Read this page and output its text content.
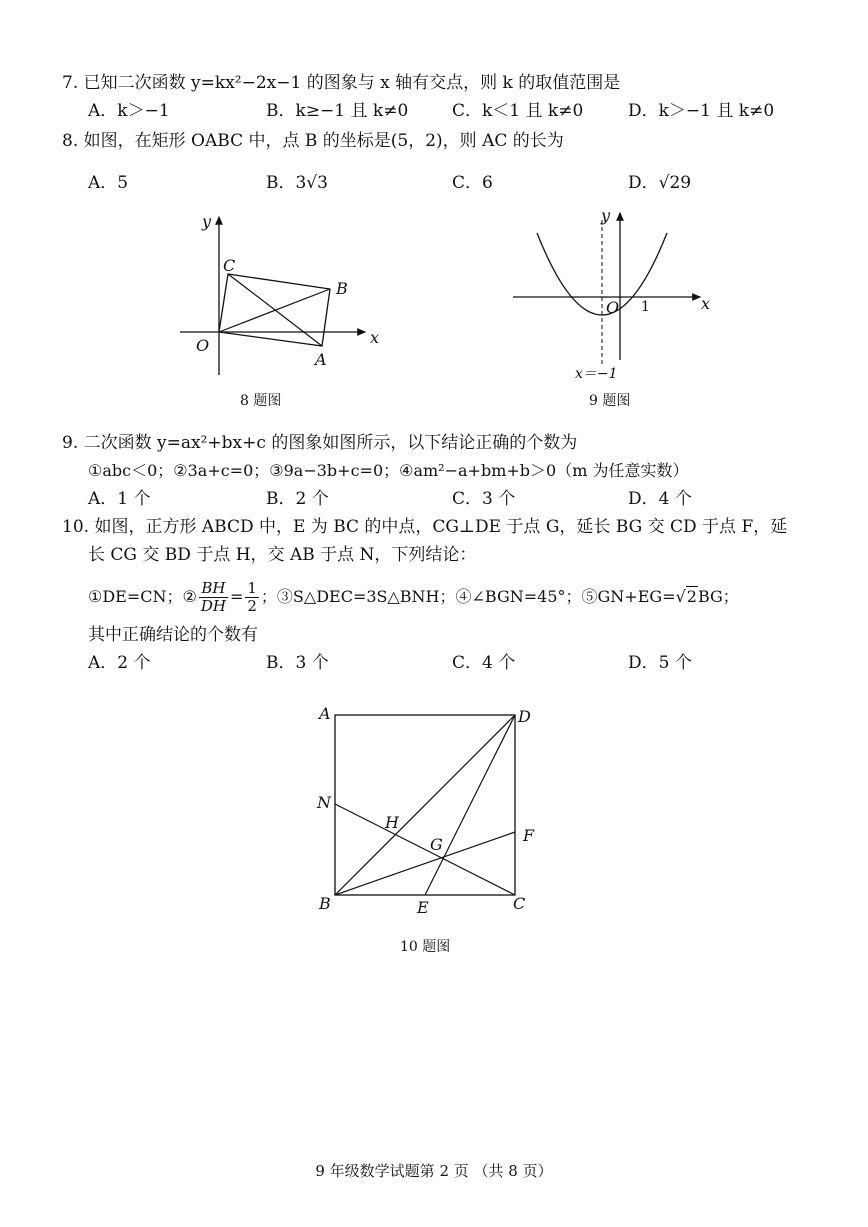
7. 已知二次函数 y=kx²−2x−1 的图象与 x 轴有交点，则 k 的取值范围是
A．k＞−1	B．k≥−1 且 k≠0	C．k＜1 且 k≠0	D．k＞−1 且 k≠0
8. 如图，在矩形 OABC 中，点 B 的坐标是(5，2)，则 AC 的长为
A．5	B．3√3	C．6	D．√29
y
x
O
C
B
A
8 题图
y
x
O 1
x＝−1
9 题图
9. 二次函数 y=ax²+bx+c 的图象如图所示，以下结论正确的个数为
①abc＜0；②3a+c=0；③9a−3b+c=0；④am²−a+bm+b＞0（m 为任意实数）
A．1 个	B．2 个	C．3 个	D．4 个
10. 如图，正方形 ABCD 中，E 为 BC 的中点，CG⊥DE 于点 G，延长 BG 交 CD 于点 F，延
长 CG 交 BD 于点 H，交 AB 于点 N，下列结论：
①DE=CN；② $\frac{BH}{DH} = \frac{1}{2}$ ；③S△DEC=3S△BNH；④∠BGN=45°；⑤GN+EG=√2BG；
其中正确结论的个数有
A．2 个	B．3 个	C．4 个	D．5 个
A	D
N
H
G	F
B	E	C
10 题图
9 年级数学试题第 2 页 （共 8 页）
